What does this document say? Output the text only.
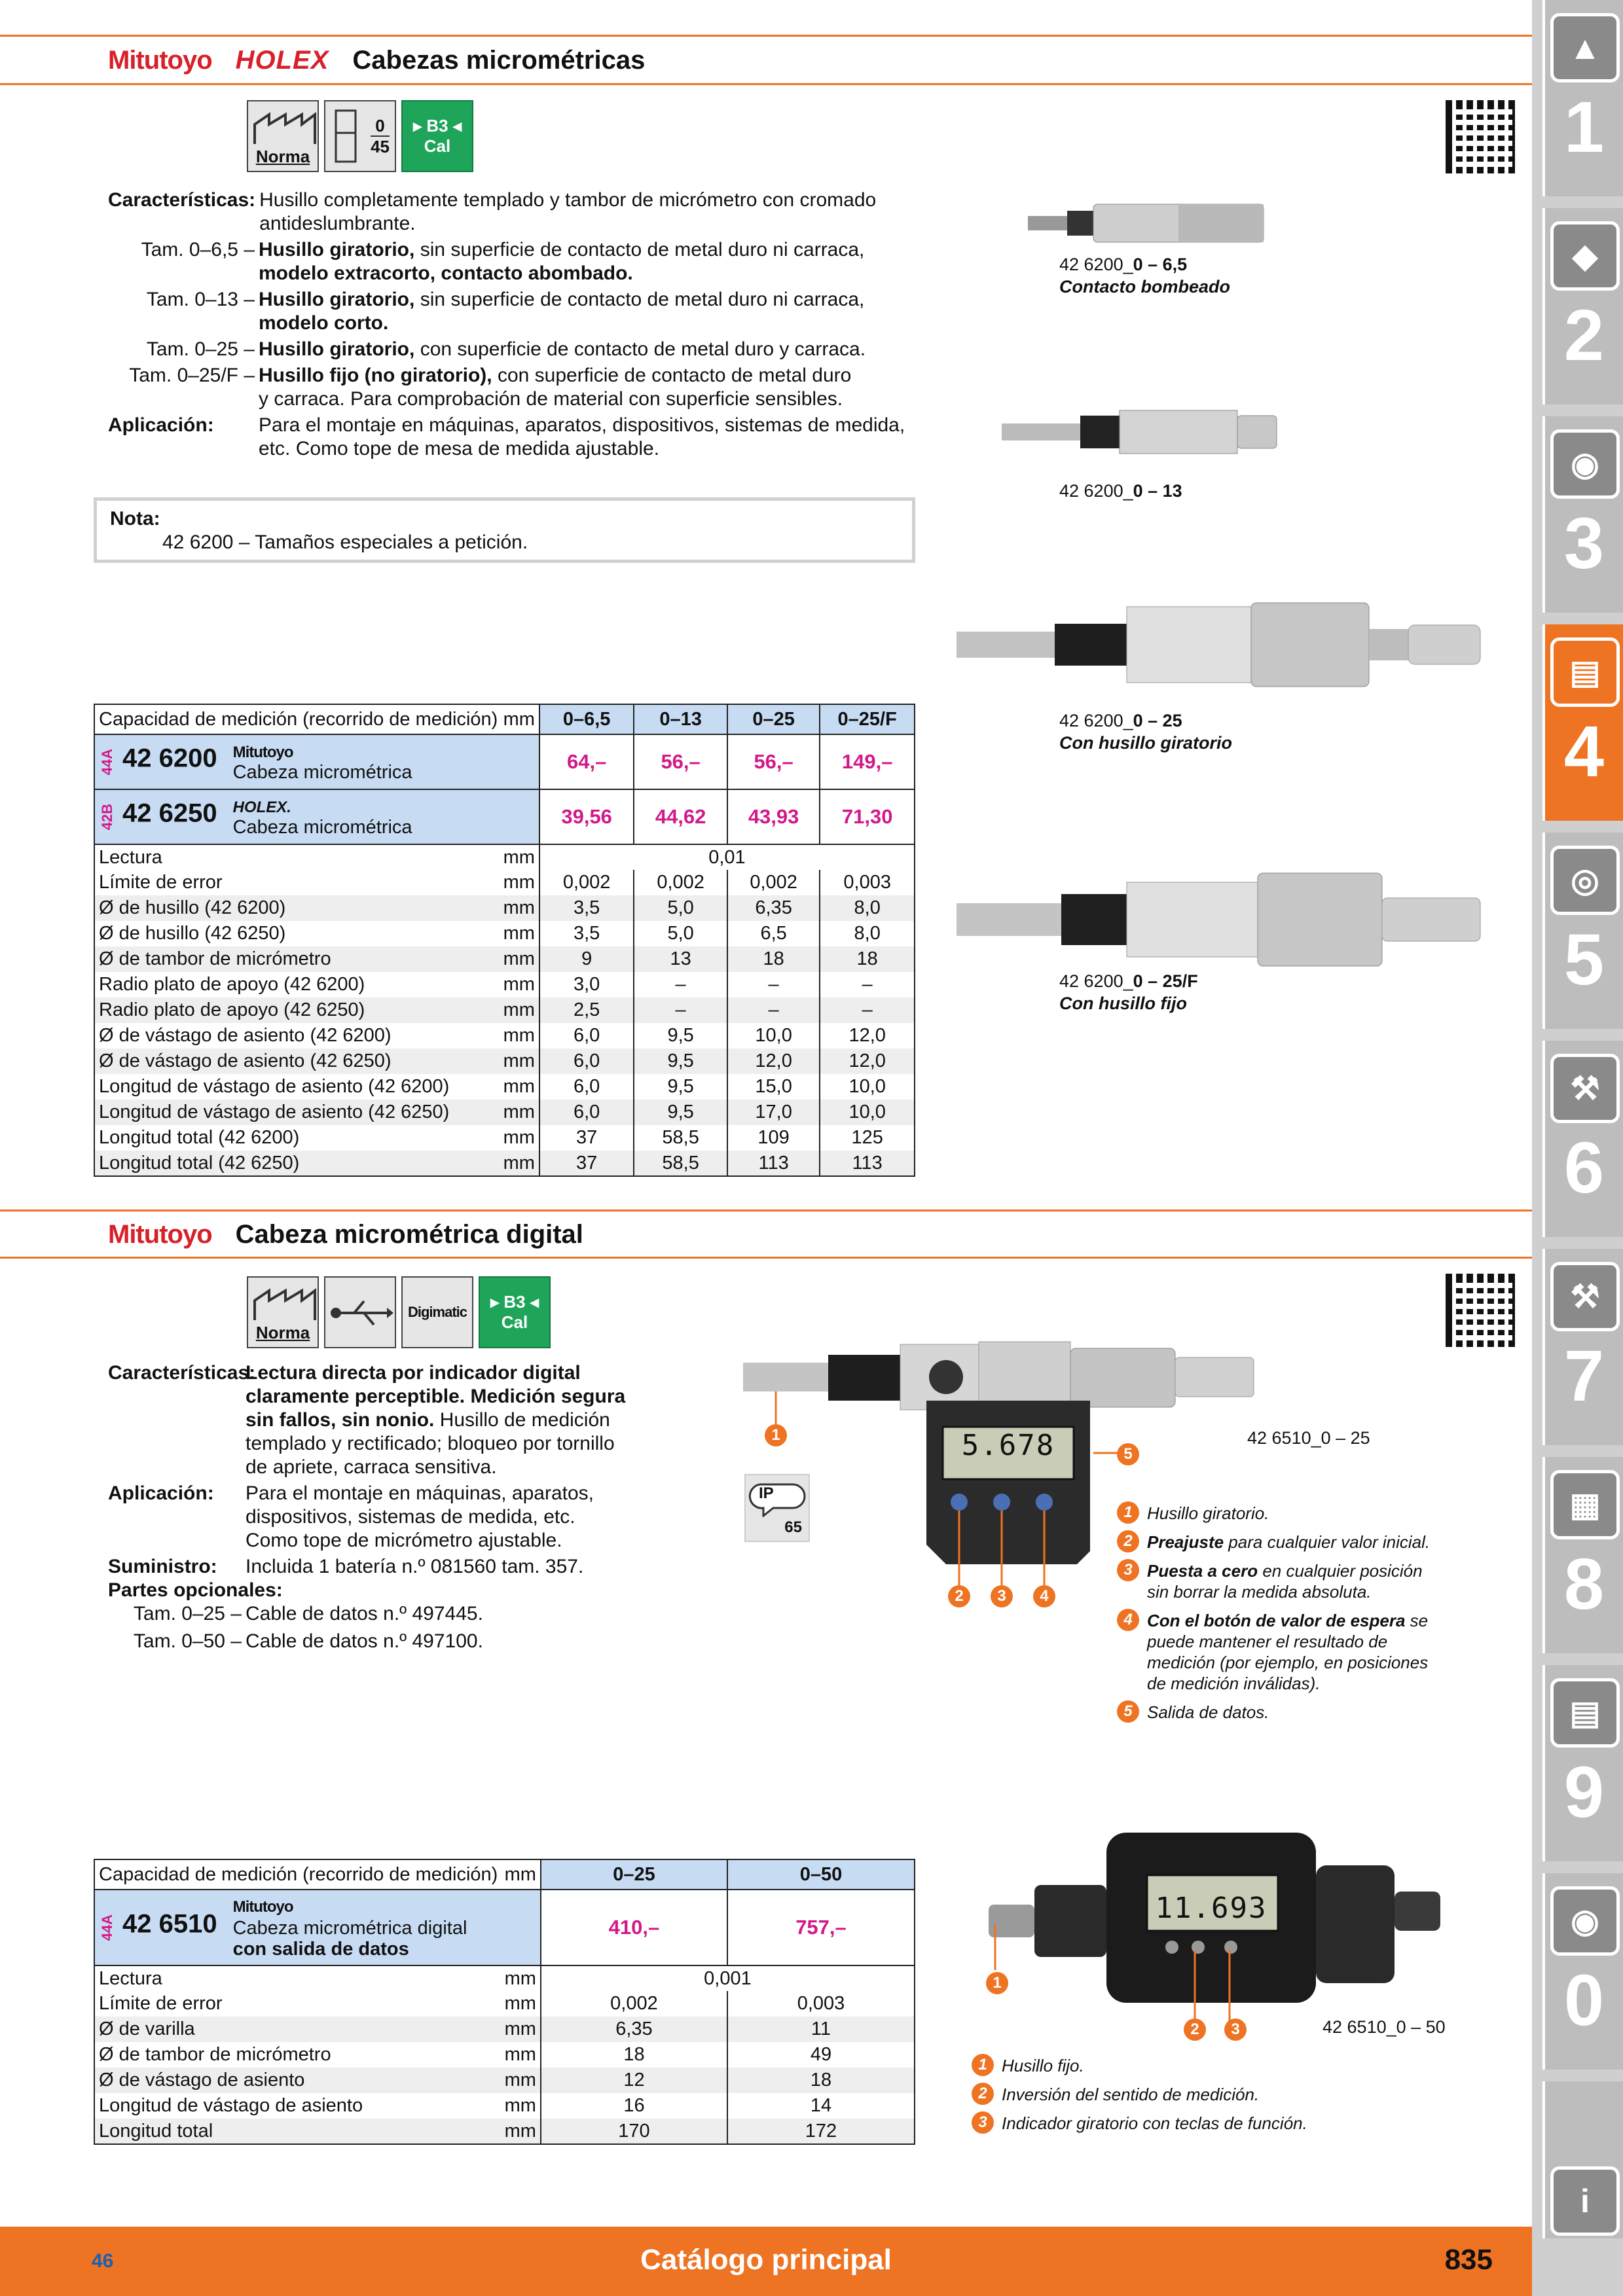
Mitutoyo HOLEX Cabezas micrométricas
Norma
0
45
▸ B3 ◂
Cal
Características: Husillo completamente templado y tambor de micrómetro con cromado antideslumbrante.
Tam. 0–6,5 – Husillo giratorio, sin superficie de contacto de metal duro ni carraca,
modelo extracorto, contacto abombado.
Tam. 0–13 – Husillo giratorio, sin superficie de contacto de metal duro ni carraca,
modelo corto.
Tam. 0–25 – Husillo giratorio, con superficie de contacto de metal duro y carraca.
Tam. 0–25/F – Husillo fijo (no giratorio), con superficie de contacto de metal duro
y carraca. Para comprobación de material con superficie sensibles.
Aplicación:	Para el montaje en máquinas, aparatos, dispositivos, sistemas de medida,
etc. Como tope de mesa de medida ajustable.
Nota:
42 6200 – Tamaños especiales a petición.
42 6200_0 – 6,5
Contacto bombeado
42 6200_0 – 13
42 6200_0 – 25
Con husillo giratorio
42 6200_0 – 25/F
Con husillo fijo
Capacidad de medición (recorrido de medición) mm	0–6,5	0–13	0–25	0–25/F
44A 42 6200 Mitutoyo
Cabeza micrométrica	64,–	56,–	56,–	149,–
42B 42 6250 HOLEX.
Cabeza micrométrica	39,56	44,62	43,93	71,30

Lectura mm	0,01			

Límite de error mm	0,002	0,002	0,002	0,003

Ø de husillo (42 6200) mm	3,5	5,0	6,35	8,0

Ø de husillo (42 6250) mm	3,5	5,0	6,5	8,0

Ø de tambor de micrómetro mm	9	13	18	18

Radio plato de apoyo (42 6200) mm	3,0	–	–	–

Radio plato de apoyo (42 6250) mm	2,5	–	–	–

Ø de vástago de asiento (42 6200) mm	6,0	9,5	10,0	12,0

Ø de vástago de asiento (42 6250) mm	6,0	9,5	12,0	12,0

Longitud de vástago de asiento (42 6200) mm	6,0	9,5	15,0	10,0

Longitud de vástago de asiento (42 6250) mm	6,0	9,5	17,0	10,0

Longitud total (42 6200) mm	37	58,5	109	125

Longitud total (42 6250) mm	37	58,5	113	113
Mitutoyo Cabeza micrométrica digital
Norma
Digimatic
▸ B3 ◂
Cal
Características:
Lectura directa por indicador digital
claramente perceptible. Medición segura
sin fallos, sin nonio. Husillo de medición
templado y rectificado; bloqueo por tornillo
de apriete, carraca sensitiva.
Aplicación:	Para el montaje en máquinas, aparatos,
dispositivos, sistemas de medida, etc.
Como tope de micrómetro ajustable.
Suministro:	Incluida 1 batería n.º 081560 tam. 357.
Partes opcionales:
Tam. 0–25 – Cable de datos n.º 497445.
Tam. 0–50 – Cable de datos n.º 497100.
IP
65
5.678
1
2	3	4
5
42 6510_0 – 25
1 Husillo giratorio.
2 Preajuste para cualquier valor inicial.
3 Puesta a cero en cualquier posición sin borrar la medida absoluta.
4 Con el botón de valor de espera se puede mantener el resultado de medición (por ejemplo, en posiciones de medición inválidas).
5 Salida de datos.
11.693
1
2	3	42 6510_0 – 50
1 Husillo fijo.
2 Inversión del sentido de medición.
3 Indicador giratorio con teclas de función.
Capacidad de medición (recorrido de medición) mm	0–25	0–50
44A 42 6510Mitutoyo
Cabeza micrométrica digital
con salida de datos	410,–	757,–

Lectura mm	0,001	

Límite de error mm	0,002	0,003

Ø de varilla mm	6,35	11

Ø de tambor de micrómetro mm	18	49

Ø de vástago de asiento mm	12	18

Longitud de vástago de asiento mm	16	14

Longitud total mm	170	172
46	Catálogo principal	835
▲
1
◆
2
◉
3
▤
4
◎
5
⚒
6
⚒
7
▦
8
▤
9
◉
0
i
